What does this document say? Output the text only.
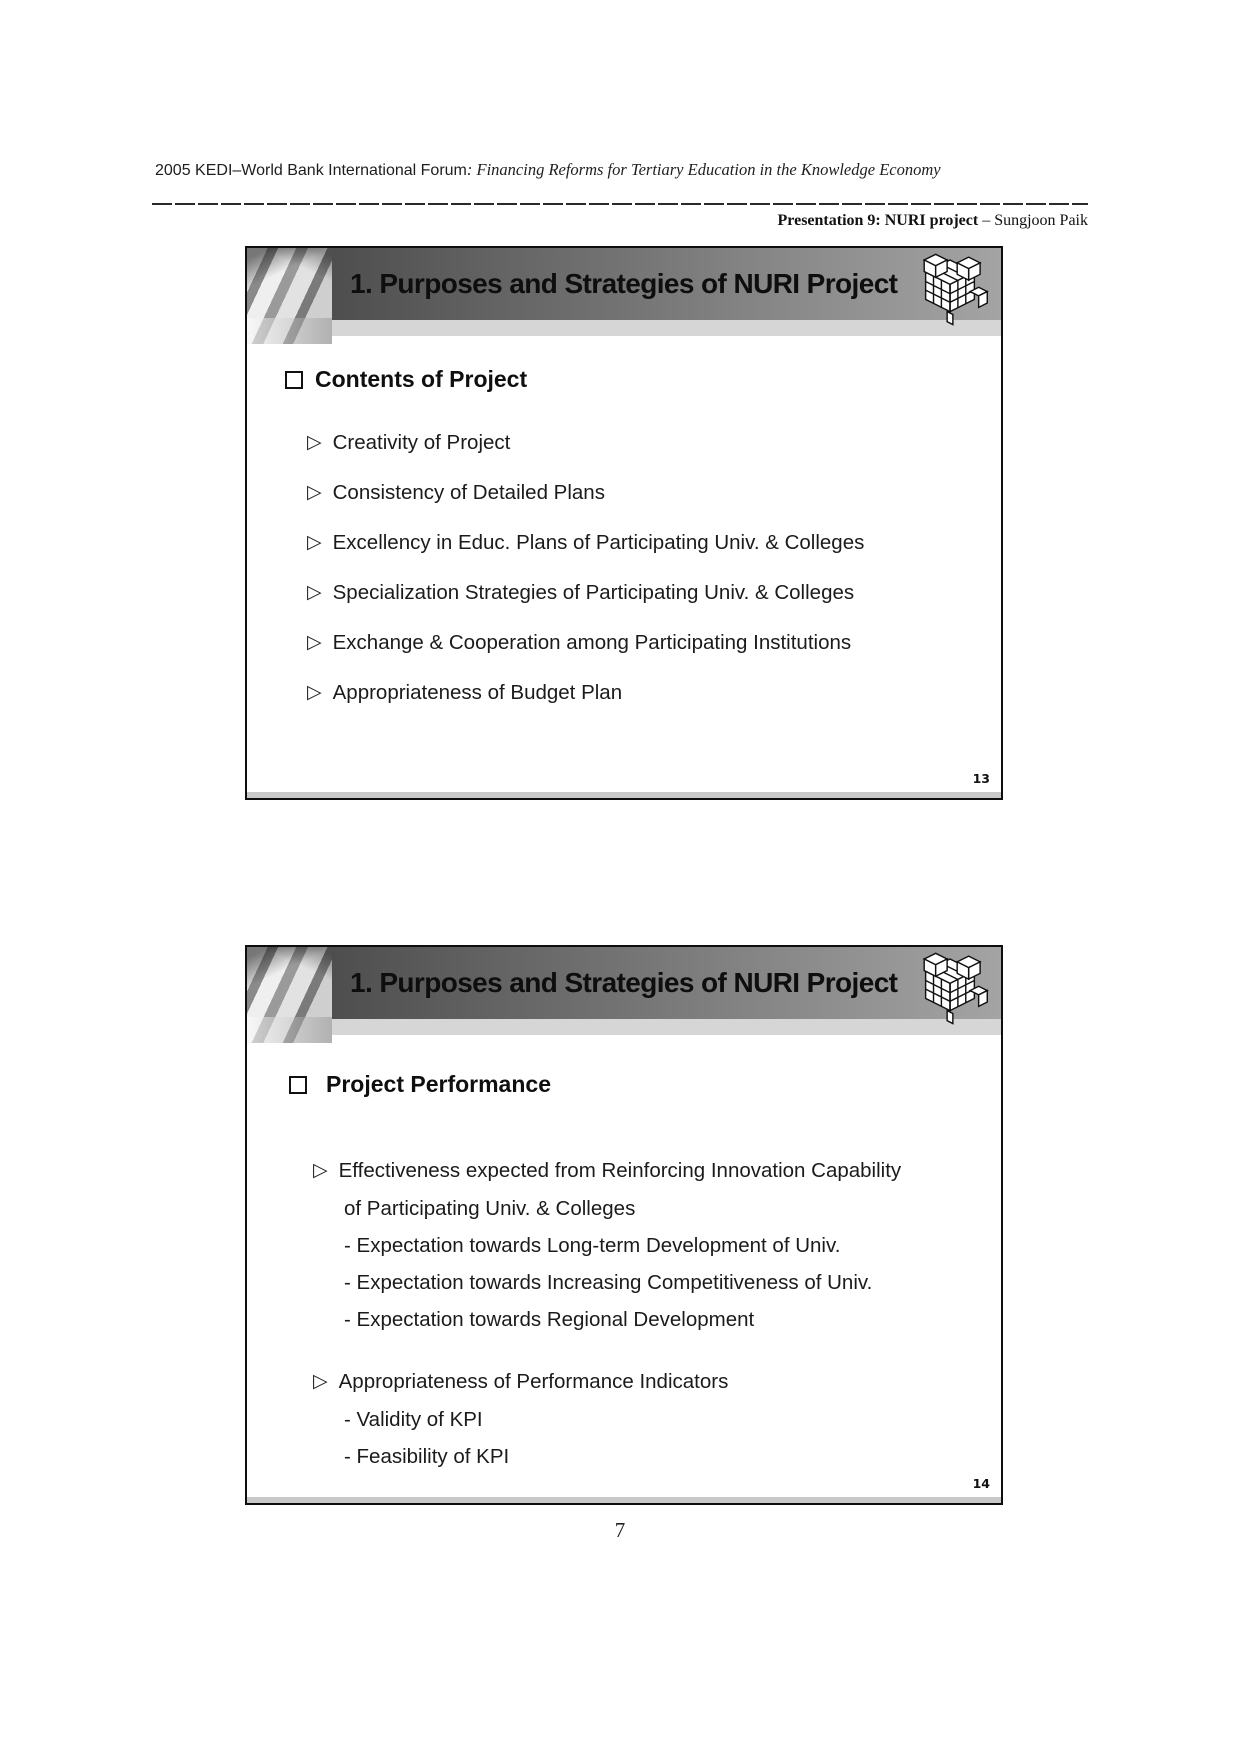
2005 KEDI–World Bank International Forum: Financing Reforms for Tertiary Education in the Knowledge Economy
Presentation 9: NURI project – Sungjoon Paik
1. Purposes and Strategies of NURI Project
Contents of Project
▷ Creativity of Project
▷ Consistency of Detailed Plans
▷ Excellency in Educ. Plans of Participating Univ. & Colleges
▷ Specialization Strategies of Participating Univ. & Colleges
▷ Exchange & Cooperation among Participating Institutions
▷ Appropriateness of Budget Plan
13
1. Purposes and Strategies of NURI Project
Project Performance
▷ Effectiveness expected from Reinforcing Innovation Capability
of Participating Univ. & Colleges
- Expectation towards Long-term Development of Univ.
- Expectation towards Increasing Competitiveness of Univ.
- Expectation towards Regional Development
▷ Appropriateness of Performance Indicators
- Validity of KPI
- Feasibility of KPI
14
7
